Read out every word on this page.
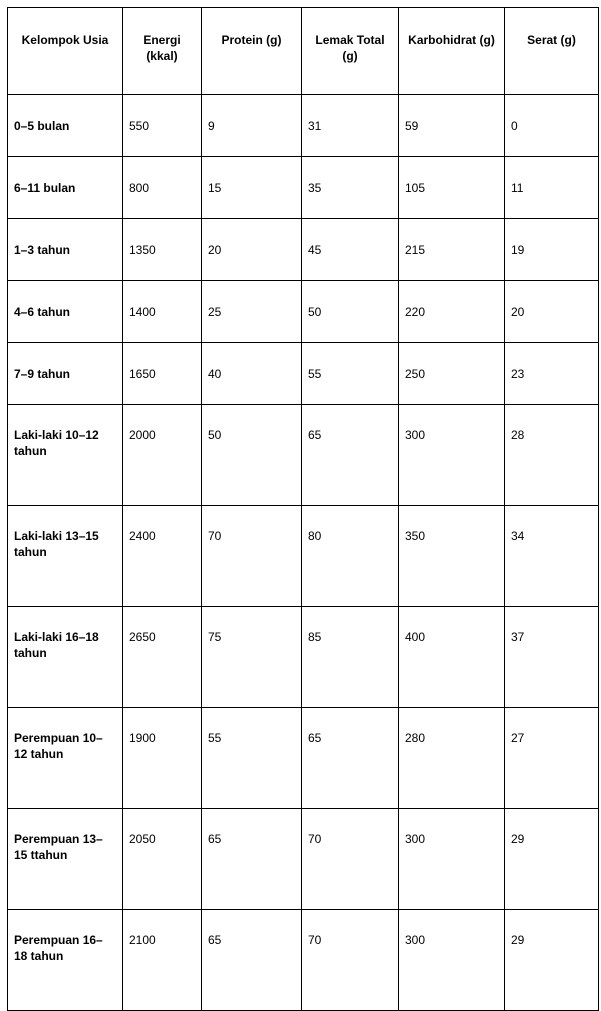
Kelompok Usia	Energi (kkal)	Protein (g)	Lemak Total (g)	Karbohidrat (g)	Serat (g)
0–5 bulan	550	9	31	59	0
6–11 bulan	800	15	35	105	11
1–3 tahun	1350	20	45	215	19
4–6 tahun	1400	25	50	220	20
7–9 tahun	1650	40	55	250	23
Laki-laki 10–12 tahun	2000	50	65	300	28
Laki-laki 13–15 tahun	2400	70	80	350	34
Laki-laki 16–18 tahun	2650	75	85	400	37
Perempuan 10–12 tahun	1900	55	65	280	27
Perempuan 13–15 ttahun	2050	65	70	300	29
Perempuan 16–18 tahun	2100	65	70	300	29
